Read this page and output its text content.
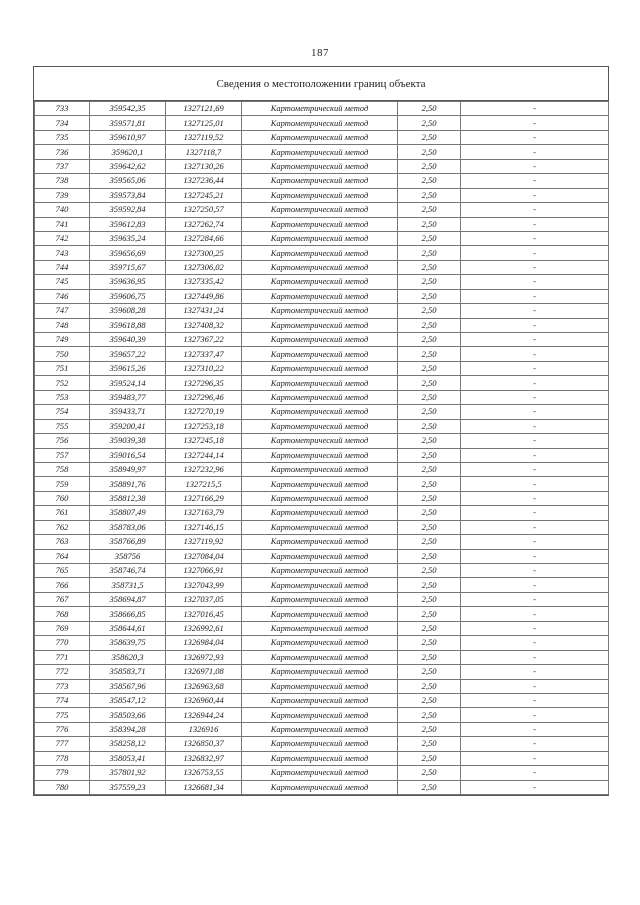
187
Сведения о местоположении границ объекта
733	359542,35	1327121,69	Картометрический метод	2,50	-
734	359571,81	1327125,01	Картометрический метод	2,50	-
735	359610,97	1327119,52	Картометрический метод	2,50	-
736	359620,1	1327118,7	Картометрический метод	2,50	-
737	359642,62	1327130,26	Картометрический метод	2,50	-
738	359565,06	1327236,44	Картометрический метод	2,50	-
739	359573,84	1327245,21	Картометрический метод	2,50	-
740	359592,84	1327250,57	Картометрический метод	2,50	-
741	359612,83	1327262,74	Картометрический метод	2,50	-
742	359635,24	1327284,66	Картометрический метод	2,50	-
743	359656,69	1327300,25	Картометрический метод	2,50	-
744	359715,67	1327306,02	Картометрический метод	2,50	-
745	359636,95	1327335,42	Картометрический метод	2,50	-
746	359606,75	1327449,86	Картометрический метод	2,50	-
747	359608,28	1327431,24	Картометрический метод	2,50	-
748	359618,88	1327408,32	Картометрический метод	2,50	-
749	359640,39	1327367,22	Картометрический метод	2,50	-
750	359657,22	1327337,47	Картометрический метод	2,50	-
751	359615,26	1327310,22	Картометрический метод	2,50	-
752	359524,14	1327296,35	Картометрический метод	2,50	-
753	359483,77	1327296,46	Картометрический метод	2,50	-
754	359433,71	1327270,19	Картометрический метод	2,50	-
755	359200,41	1327253,18	Картометрический метод	2,50	-
756	359039,38	1327245,18	Картометрический метод	2,50	-
757	359016,54	1327244,14	Картометрический метод	2,50	-
758	358949,97	1327232,96	Картометрический метод	2,50	-
759	358891,76	1327215,5	Картометрический метод	2,50	-
760	358812,38	1327166,29	Картометрический метод	2,50	-
761	358807,49	1327163,79	Картометрический метод	2,50	-
762	358783,06	1327146,15	Картометрический метод	2,50	-
763	358766,89	1327119,92	Картометрический метод	2,50	-
764	358756	1327084,04	Картометрический метод	2,50	-
765	358746,74	1327066,91	Картометрический метод	2,50	-
766	358731,5	1327043,99	Картометрический метод	2,50	-
767	358694,87	1327037,05	Картометрический метод	2,50	-
768	358666,85	1327016,45	Картометрический метод	2,50	-
769	358644,61	1326992,61	Картометрический метод	2,50	-
770	358639,75	1326984,04	Картометрический метод	2,50	-
771	358620,3	1326972,93	Картометрический метод	2,50	-
772	358583,71	1326971,08	Картометрический метод	2,50	-
773	358567,96	1326963,68	Картометрический метод	2,50	-
774	358547,12	1326960,44	Картометрический метод	2,50	-
775	358503,66	1326944,24	Картометрический метод	2,50	-
776	358394,28	1326916	Картометрический метод	2,50	-
777	358258,12	1326850,37	Картометрический метод	2,50	-
778	358053,41	1326832,97	Картометрический метод	2,50	-
779	357801,92	1326753,55	Картометрический метод	2,50	-
780	357559,23	1326681,34	Картометрический метод	2,50	-
